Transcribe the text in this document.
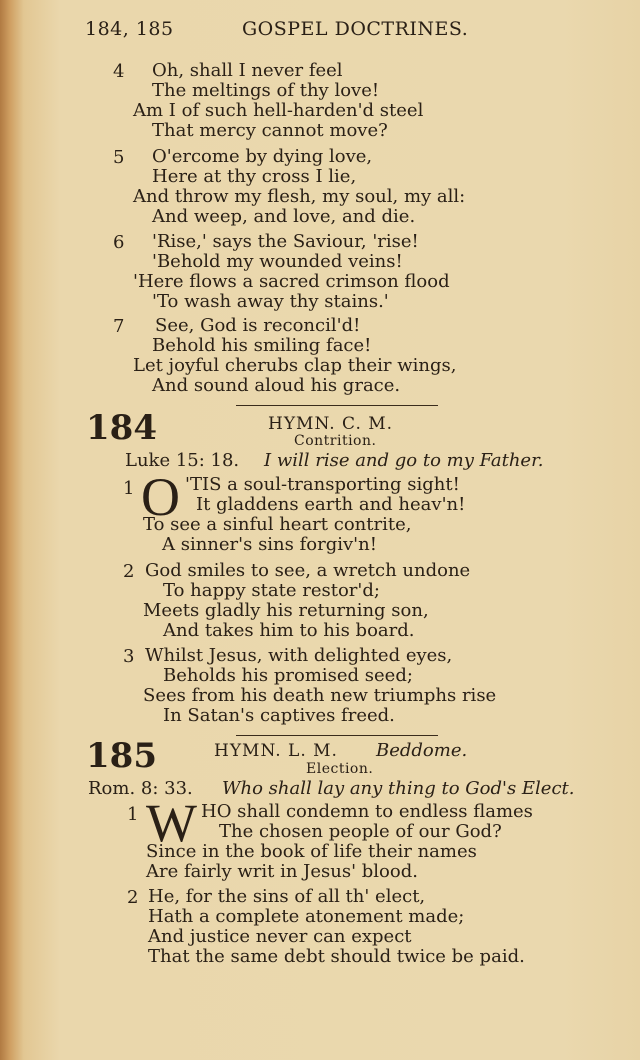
184, 185	GOSPEL DOCTRINES.
4 Oh, shall I never feel
The meltings of thy love!
Am I of such hell-harden'd steel
That mercy cannot move?
5 O'ercome by dying love,
Here at thy cross I lie,
And throw my flesh, my soul, my all:
And weep, and love, and die.
6 'Rise,' says the Saviour, 'rise!
'Behold my wounded veins!
'Here flows a sacred crimson flood
'To wash away thy stains.'
7 See, God is reconcil'd!
Behold his smiling face!
Let joyful cherubs clap their wings,
And sound aloud his grace.
184	HYMN. C. M.
Contrition.
Luke 15: 18. I will rise and go to my Father.
1 O 'TIS a soul-transporting sight!
It gladdens earth and heav'n!
To see a sinful heart contrite,
A sinner's sins forgiv'n!
2 God smiles to see, a wretch undone
To happy state restor'd;
Meets gladly his returning son,
And takes him to his board.
3 Whilst Jesus, with delighted eyes,
Beholds his promised seed;
Sees from his death new triumphs rise
In Satan's captives freed.
185	HYMN. L. M. Beddome.
Election.
Rom. 8: 33. Who shall lay any thing to God's Elect.
1 W HO shall condemn to endless flames
The chosen people of our God?
Since in the book of life their names
Are fairly writ in Jesus' blood.
2 He, for the sins of all th' elect,
Hath a complete atonement made;
And justice never can expect
That the same debt should twice be paid.
